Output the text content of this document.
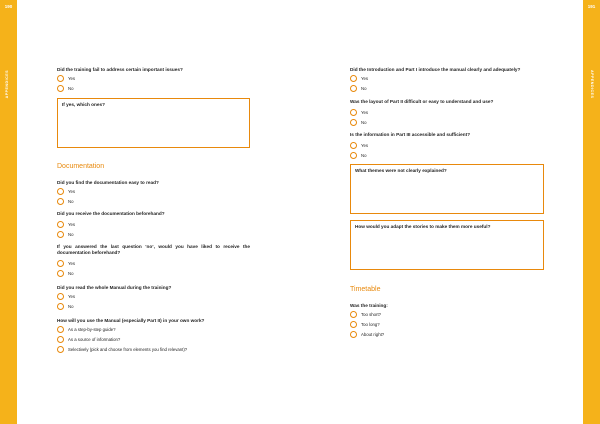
190
APPENDICES
191
APPENDICES
Did the training fail to address certain important issues?
Yes
No
If yes, which ones?
Documentation
Did you find the documentation easy to read?
Yes
No
Did you receive the documentation beforehand?
Yes
No
If you answered the last question ‘no’, would you have liked to receive the documentation beforehand?
Yes
No
Did you read the whole Manual during the training?
Yes
No
How will you use the Manual (especially Part II) in your own work?
As a step-by-step guide?
As a source of information?
Selectively (pick and choose from elements you find relevant)?
Did the Introduction and Part I introduce the manual clearly and adequately?
Yes
No
Was the layout of Part II difficult or easy to understand and use?
Yes
No
Is the information in Part III accessible and sufficient?
Yes
No
What themes were not clearly explained?
How would you adapt the stories to make them more useful?
Timetable
Was the training:
Too short?
Too long?
About right?
